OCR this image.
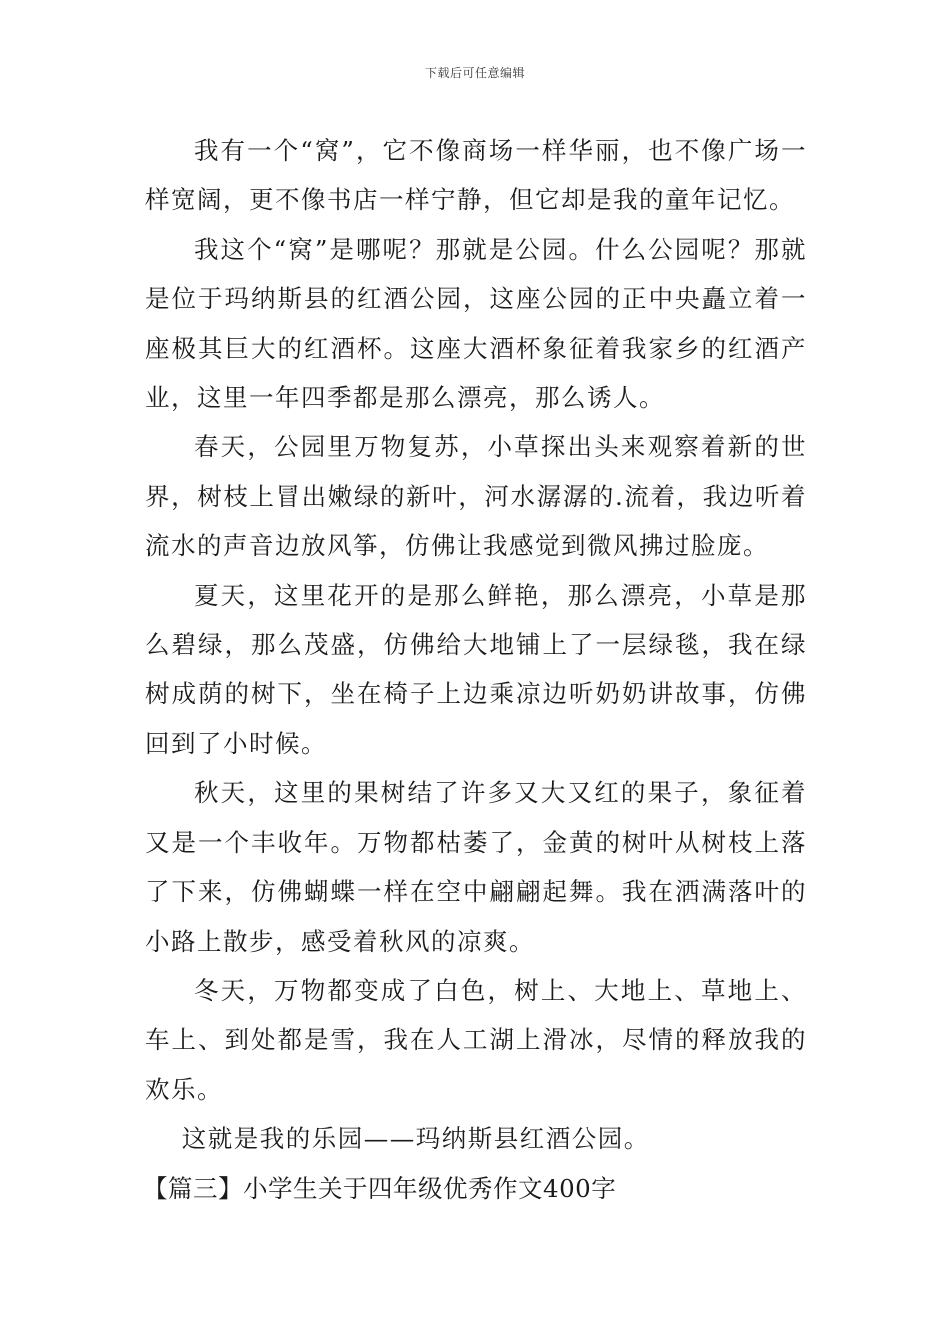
下载后可任意编辑

我有一个“窝”，它不像商场一样华丽，也不像广场一样宽阔，更不像书店一样宁静，但它却是我的童年记忆。

我这个“窝”是哪呢？那就是公园。什么公园呢？那就是位于玛纳斯县的红酒公园，这座公园的正中央矗立着一座极其巨大的红酒杯。这座大酒杯象征着我家乡的红酒产业，这里一年四季都是那么漂亮，那么诱人。

春天，公园里万物复苏，小草探出头来观察着新的世界，树枝上冒出嫩绿的新叶，河水潺潺的.流着，我边听着流水的声音边放风筝，仿佛让我感觉到微风拂过脸庞。

夏天，这里花开的是那么鲜艳，那么漂亮，小草是那么碧绿，那么茂盛，仿佛给大地铺上了一层绿毯，我在绿树成荫的树下，坐在椅子上边乘凉边听奶奶讲故事，仿佛回到了小时候。

秋天，这里的果树结了许多又大又红的果子，象征着又是一个丰收年。万物都枯萎了，金黄的树叶从树枝上落了下来，仿佛蝴蝶一样在空中翩翩起舞。我在洒满落叶的小路上散步，感受着秋风的凉爽。

冬天，万物都变成了白色，树上、大地上、草地上、车上、到处都是雪，我在人工湖上滑冰，尽情的释放我的欢乐。

这就是我的乐园——玛纳斯县红酒公园。

【篇三】小学生关于四年级优秀作文400字
